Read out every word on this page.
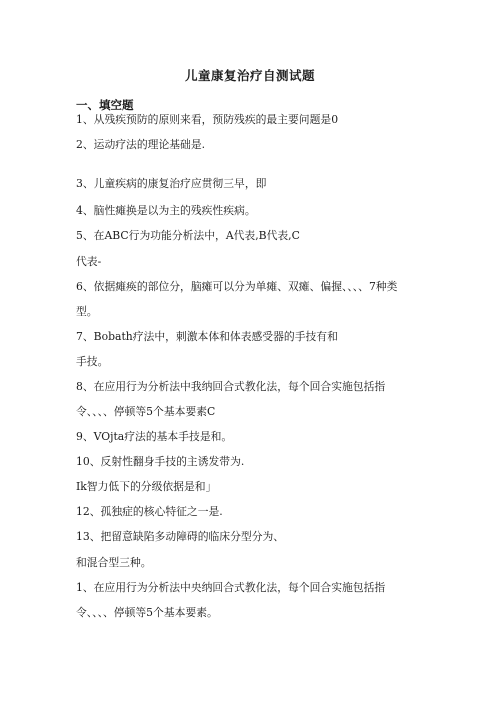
儿童康复治疗自测试题
一、填空题
1、从残疾预防的原则来看，预防残疾的最主要问题是0
2、运动疗法的理论基础是.
3、儿童疾病的康复治疗应贯彻三早，即
4、脑性瘫换是以为主的残疾性疾病。
5、在ABC行为功能分析法中，A代表,B代表,C
代表-
6、依据瘫痪的部位分，脑瘫可以分为单瘫、双瘫、偏握、、、、7种类
型。
7、Bobath疗法中，刺激本体和体表感受器的手技有和
手技。
8、在应用行为分析法中我纳回合式教化法，每个回合实施包括指
令、、、、停顿等5个基本要素C
9、VOjta疗法的基本手技是和。
10、反射性翻身手技的主诱发带为.
Ik智力低下的分级依据是和」
12、孤独症的核心特征之一是.
13、把留意缺陷多动障碍的临床分型分为、
和混合型三种。
1、在应用行为分析法中央纳回合式教化法，每个回合实施包括指
令、、、、停顿等5个基本要素。
